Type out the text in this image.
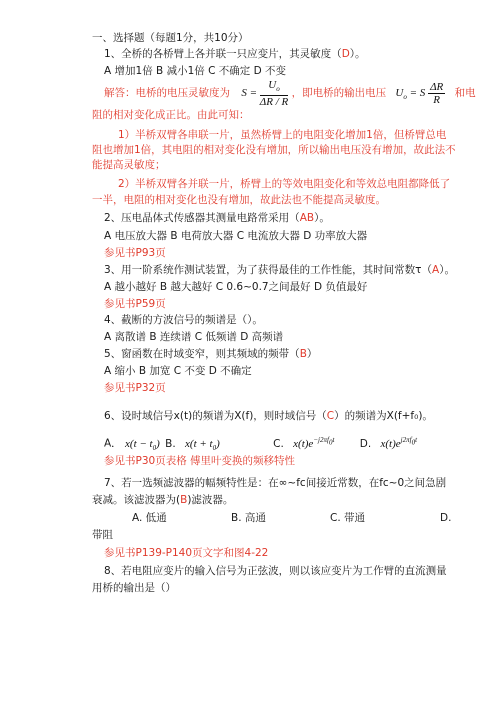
一、选择题（每题1分，共10分）
1、全桥的各桥臂上各并联一只应变片，其灵敏度（D）。
A 增加1倍 B 减小1倍 C 不确定 D 不变
解答：电桥的电压灵敏度为 $S = \frac{U_o}{\Delta R / R}$ ，即电桥的输出电压 $U_o = S \frac{\Delta R}{R}$ 和电
阻的相对变化成正比。由此可知：
1）半桥双臂各串联一片，虽然桥臂上的电阻变化增加1倍，但桥臂总电
阻也增加1倍，其电阻的相对变化没有增加，所以输出电压没有增加，故此法不
能提高灵敏度；
2）半桥双臂各并联一片，桥臂上的等效电阻变化和等效总电阻都降低了
一半，电阻的相对变化也没有增加，故此法也不能提高灵敏度。
2、压电晶体式传感器其测量电路常采用（AB）。
A 电压放大器 B 电荷放大器 C 电流放大器 D 功率放大器
参见书P93页
3、用一阶系统作测试装置，为了获得最佳的工作性能，其时间常数τ（A）。
A 越小越好 B 越大越好 C 0.6~0.7之间最好 D 负值最好
参见书P59页
4、截断的方波信号的频谱是（）。
A 离散谱 B 连续谱 C 低频谱 D 高频谱
5、窗函数在时域变窄，则其频域的频带（B）
A 缩小 B 加宽 C 不变 D 不确定
参见书P32页
6、设时域信号x(t)的频谱为X(f)，则时域信号（C）的频谱为X(f+f₀)。
A． $x(t - t_0)$ B. $x(t + t_0)$	C. $x(t)e^{-j2\pi f_0t}$ D. $x(t)e^{j2\pi f_0t}$
参见书P30页表格 傅里叶变换的频移特性
7、若一选频滤波器的幅频特性是：在∞~fc间接近常数，在fc~0之间急剧
衰减。该滤波器为(B)滤波器。
A. 低通	B. 高通	C. 带通	D.
带阻
参见书P139-P140页文字和图4-22
8、若电阻应变片的输入信号为正弦波，则以该应变片为工作臂的直流测量
用桥的输出是（）
